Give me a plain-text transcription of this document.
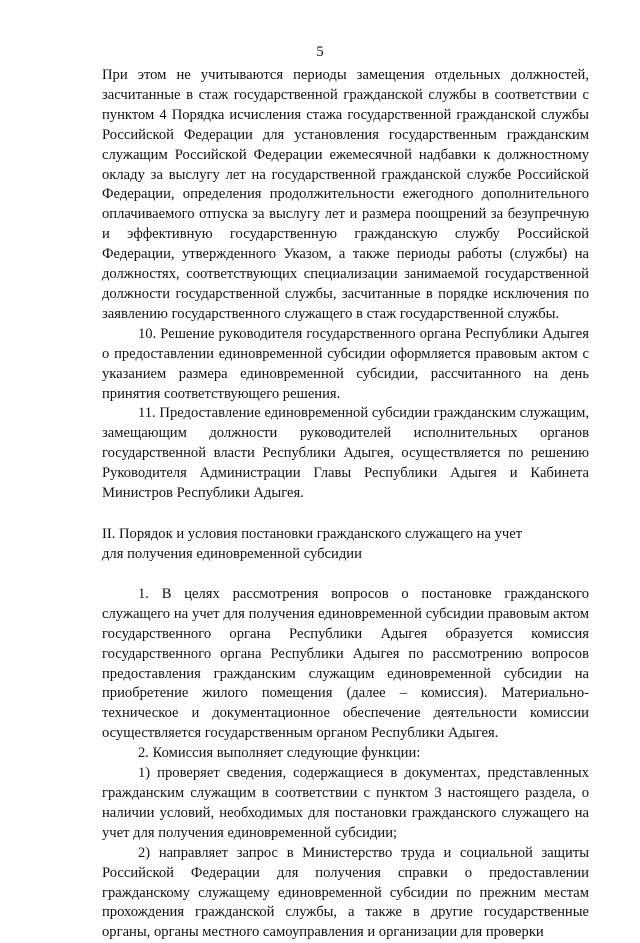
5

При этом не учитываются периоды замещения отдельных должностей, засчитанные в стаж государственной гражданской службы в соответствии с пунктом 4 Порядка исчисления стажа государственной гражданской службы Российской Федерации для установления государственным гражданским служащим Российской Федерации ежемесячной надбавки к должностному окладу за выслугу лет на государственной гражданской службе Российской Федерации, определения продолжительности ежегодного дополнительного оплачиваемого отпуска за выслугу лет и размера поощрений за безупречную и эффективную государственную гражданскую службу Российской Федерации, утвержденного Указом, а также периоды работы (службы) на должностях, соответствующих специализации занимаемой государственной должности государственной службы, засчитанные в порядке исключения по заявлению государственного служащего в стаж государственной службы.

10. Решение руководителя государственного органа Республики Адыгея о предоставлении единовременной субсидии оформляется правовым актом с указанием размера единовременной субсидии, рассчитанного на день принятия соответствующего решения.

11. Предоставление единовременной субсидии гражданским служащим, замещающим должности руководителей исполнительных органов государственной власти Республики Адыгея, осуществляется по решению Руководителя Администрации Главы Республики Адыгея и Кабинета Министров Республики Адыгея.

II. Порядок и условия постановки гражданского служащего на учет

для получения единовременной субсидии

1. В целях рассмотрения вопросов о постановке гражданского служащего на учет для получения единовременной субсидии правовым актом государственного органа Республики Адыгея образуется комиссия государственного органа Республики Адыгея по рассмотрению вопросов предоставления гражданским служащим единовременной субсидии на приобретение жилого помещения (далее – комиссия). Материально-техническое и документационное обеспечение деятельности комиссии осуществляется государственным органом Республики Адыгея.

2. Комиссия выполняет следующие функции:

1) проверяет сведения, содержащиеся в документах, представленных гражданским служащим в соответствии с пунктом 3 настоящего раздела, о наличии условий, необходимых для постановки гражданского служащего на учет для получения единовременной субсидии;

2) направляет запрос в Министерство труда и социальной защиты Российской Федерации для получения справки о предоставлении гражданскому служащему единовременной субсидии по прежним местам прохождения гражданской службы, а также в другие государственные органы, органы местного самоуправления и организации для проверки
